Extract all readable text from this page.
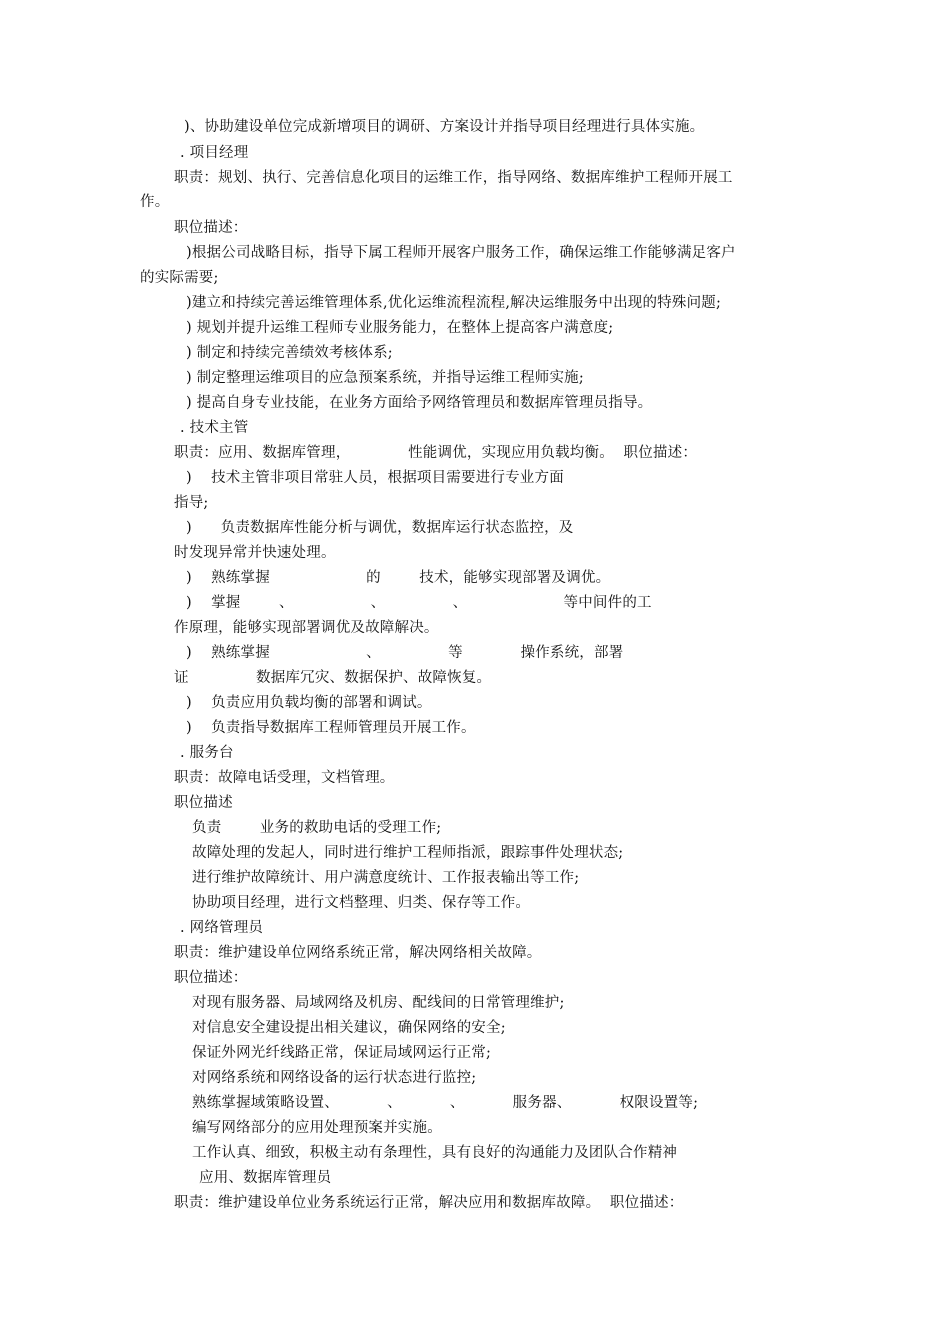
)、协助建设单位完成新增项目的调研、方案设计并指导项目经理进行具体实施。
. 项目经理
职责：规划、执行、完善信息化项目的运维工作，指导网络、数据库维护工程师开展工
作。
职位描述：
)根据公司战略目标，指导下属工程师开展客户服务工作，确保运维工作能够满足客户
的实际需要;
)建立和持续完善运维管理体系,优化运维流程流程,解决运维服务中出现的特殊问题;
) 规划并提升运维工程师专业服务能力，在整体上提高客户满意度;
) 制定和持续完善绩效考核体系;
) 制定整理运维项目的应急预案系统，并指导运维工程师实施;
) 提高自身专业技能，在业务方面给予网络管理员和数据库管理员指导。
. 技术主管
职责：应用、数据库管理，            性能调优，实现应用负载均衡。  职位描述：
)    技术主管非项目常驻人员，根据项目需要进行专业方面
指导;
)      负责数据库性能分析与调优，数据库运行状态监控，及
时发现异常并快速处理。
)    熟练掌握                    的        技术，能够实现部署及调优。
)    掌握        、                、              、                    等中间件的工
作原理，能够实现部署调优及故障解决。
)    熟练掌握                    、              等            操作系统，部署
证              数据库冗灾、数据保护、故障恢复。
)    负责应用负载均衡的部署和调试。
)    负责指导数据库工程师管理员开展工作。
. 服务台
职责：故障电话受理，文档管理。
职位描述
负责        业务的救助电话的受理工作;
故障处理的发起人，同时进行维护工程师指派，跟踪事件处理状态;
进行维护故障统计、用户满意度统计、工作报表输出等工作;
协助项目经理，进行文档整理、归类、保存等工作。
. 网络管理员
职责：维护建设单位网络系统正常，解决网络相关故障。
职位描述：
对现有服务器、局域网络及机房、配线间的日常管理维护;
对信息安全建设提出相关建议，确保网络的安全;
保证外网光纤线路正常，保证局域网运行正常;
对网络系统和网络设备的运行状态进行监控;
熟练掌握域策略设置、          、          、          服务器、          权限设置等;
编写网络部分的应用处理预案并实施。
工作认真、细致，积极主动有条理性，具有良好的沟通能力及团队合作精神
应用、数据库管理员
职责：维护建设单位业务系统运行正常，解决应用和数据库故障。  职位描述：
